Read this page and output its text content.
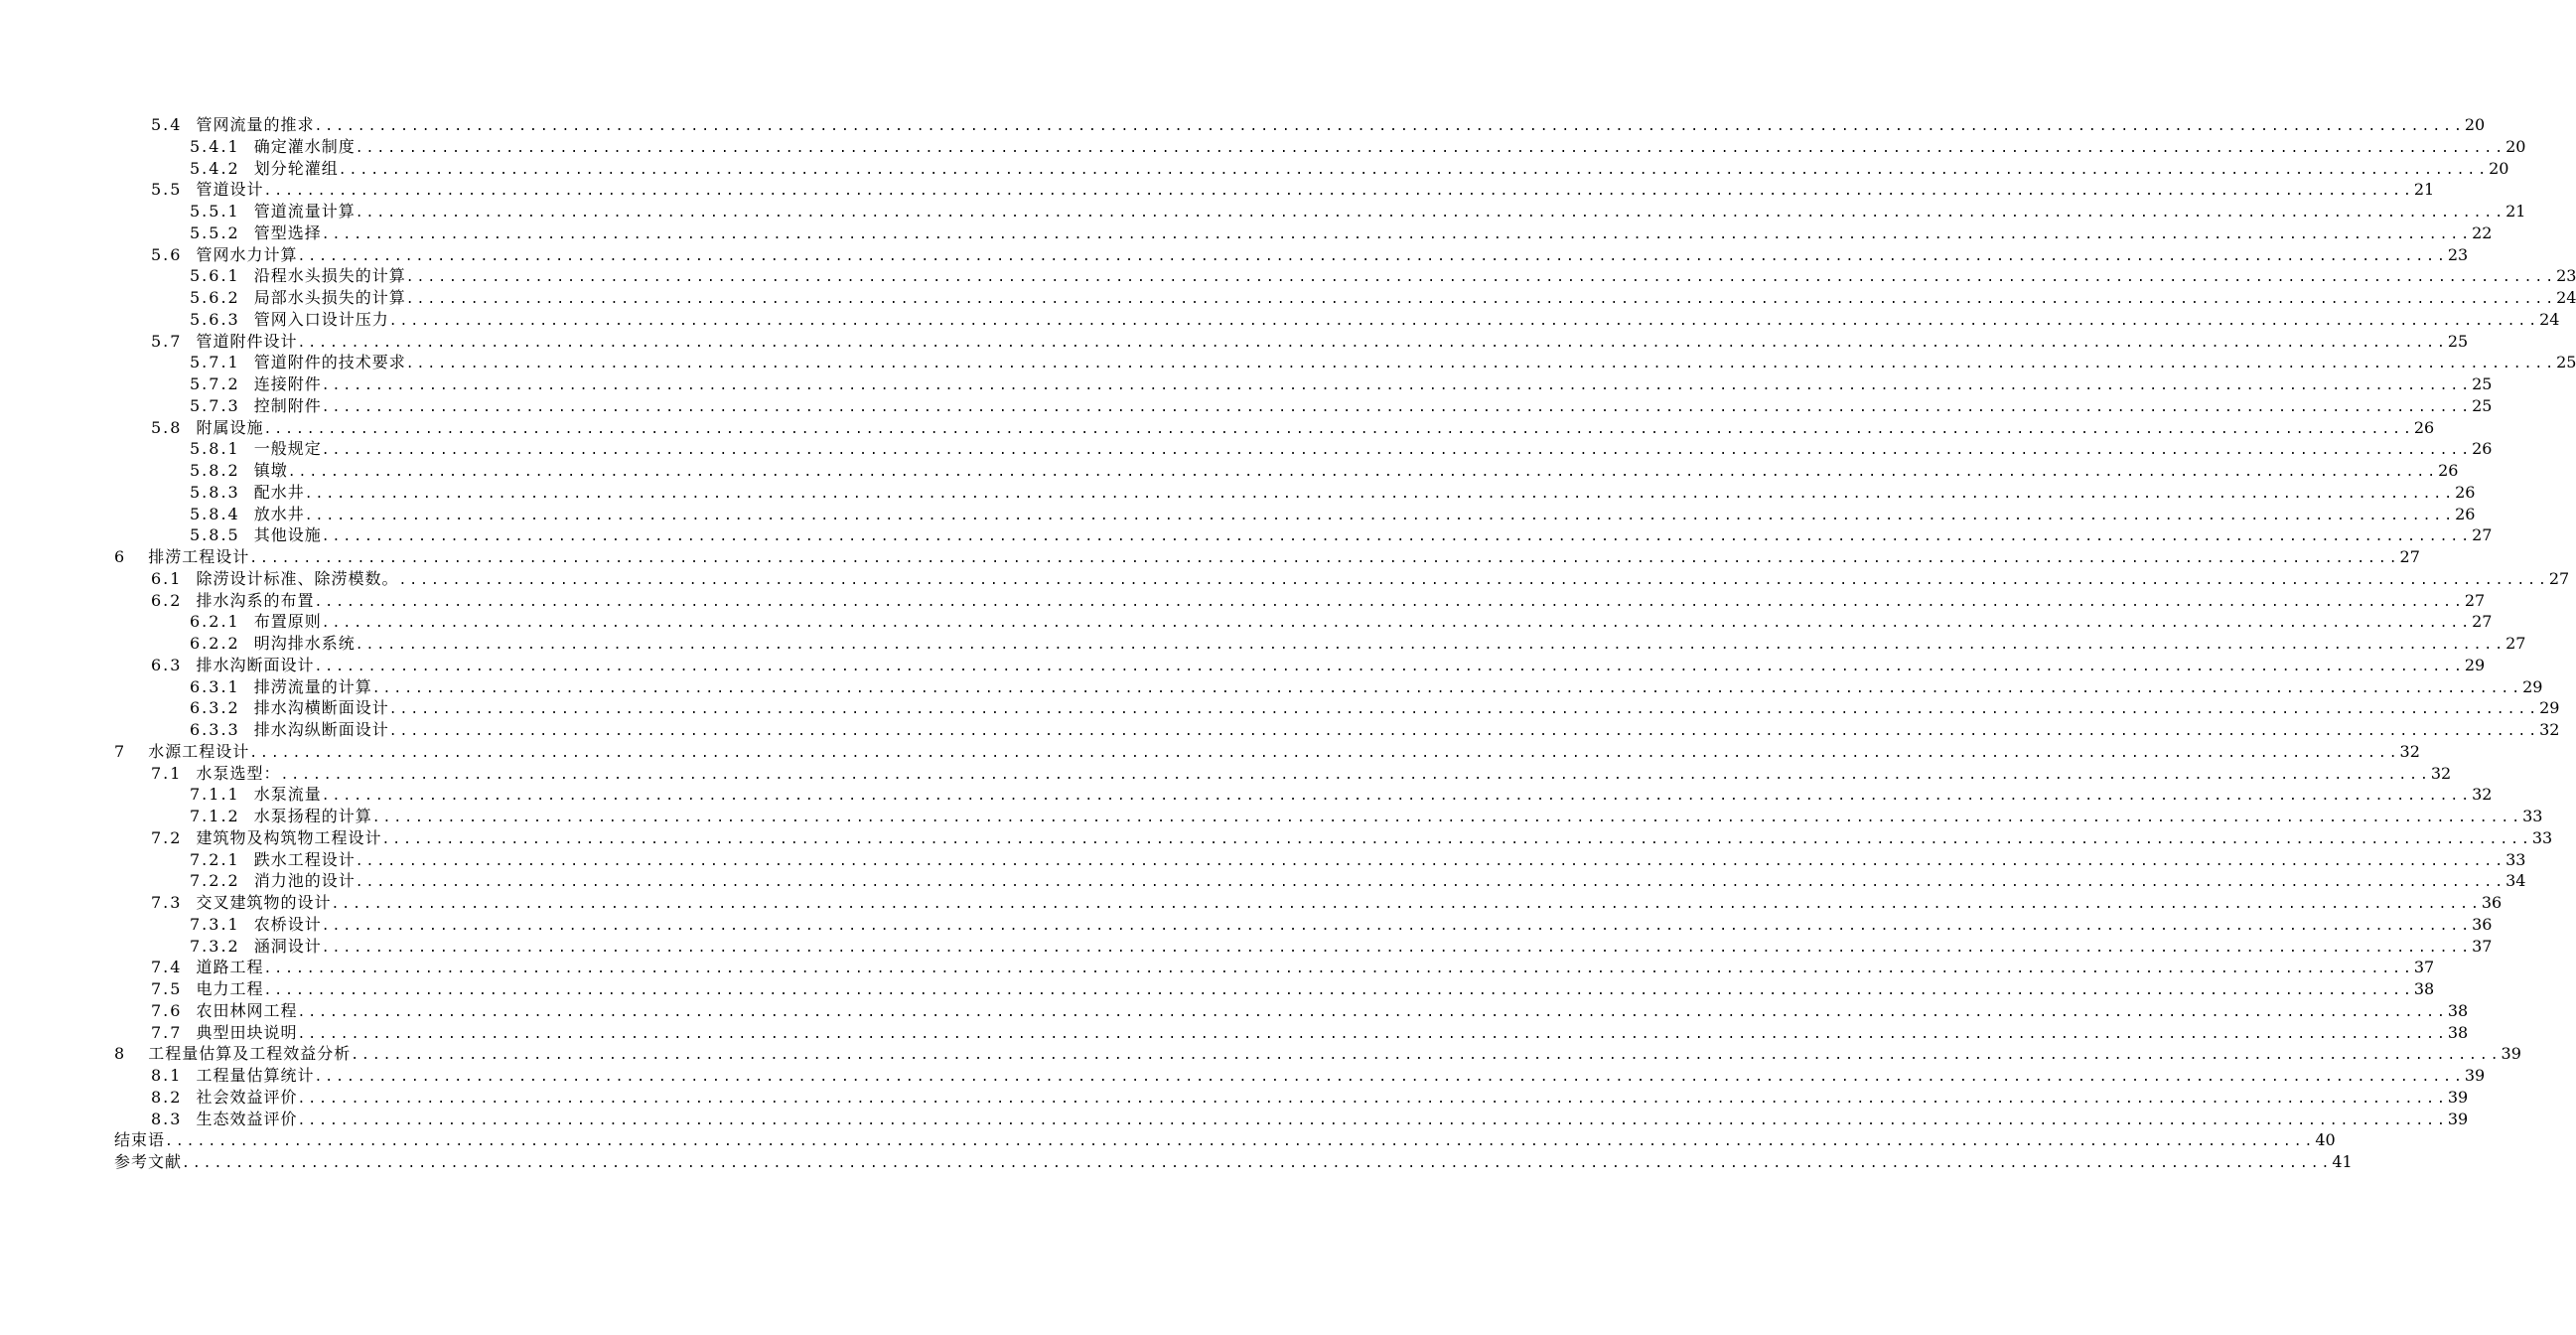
5.4 管网流量的推求 ........................................................................................................................................................................................................ 20
5.4.1 确定灌水制度 ........................................................................................................................................................................................................ 20
5.4.2 划分轮灌组 ........................................................................................................................................................................................................ 20
5.5 管道设计 ........................................................................................................................................................................................................ 21
5.5.1 管道流量计算 ........................................................................................................................................................................................................ 21
5.5.2 管型选择 ........................................................................................................................................................................................................ 22
5.6 管网水力计算 ........................................................................................................................................................................................................ 23
5.6.1 沿程水头损失的计算 ........................................................................................................................................................................................................ 23
5.6.2 局部水头损失的计算 ........................................................................................................................................................................................................ 24
5.6.3 管网入口设计压力 ........................................................................................................................................................................................................ 24
5.7 管道附件设计 ........................................................................................................................................................................................................ 25
5.7.1 管道附件的技术要求 ........................................................................................................................................................................................................ 25
5.7.2 连接附件 ........................................................................................................................................................................................................ 25
5.7.3 控制附件 ........................................................................................................................................................................................................ 25
5.8 附属设施 ........................................................................................................................................................................................................ 26
5.8.1 一般规定 ........................................................................................................................................................................................................ 26
5.8.2 镇墩 ........................................................................................................................................................................................................ 26
5.8.3 配水井 ........................................................................................................................................................................................................ 26
5.8.4 放水井 ........................................................................................................................................................................................................ 26
5.8.5 其他设施 ........................................................................................................................................................................................................ 27
6 排涝工程设计 ........................................................................................................................................................................................................ 27
6.1 除涝设计标准、除涝模数。 ........................................................................................................................................................................................................ 27
6.2 排水沟系的布置 ........................................................................................................................................................................................................ 27
6.2.1 布置原则 ........................................................................................................................................................................................................ 27
6.2.2 明沟排水系统 ........................................................................................................................................................................................................ 27
6.3 排水沟断面设计 ........................................................................................................................................................................................................ 29
6.3.1 排涝流量的计算 ........................................................................................................................................................................................................ 29
6.3.2 排水沟横断面设计 ........................................................................................................................................................................................................ 29
6.3.3 排水沟纵断面设计 ........................................................................................................................................................................................................ 32
7 水源工程设计 ........................................................................................................................................................................................................ 32
7.1 水泵选型： ........................................................................................................................................................................................................ 32
7.1.1 水泵流量 ........................................................................................................................................................................................................ 32
7.1.2 水泵扬程的计算 ........................................................................................................................................................................................................ 33
7.2 建筑物及构筑物工程设计 ........................................................................................................................................................................................................ 33
7.2.1 跌水工程设计 ........................................................................................................................................................................................................ 33
7.2.2 消力池的设计 ........................................................................................................................................................................................................ 34
7.3 交叉建筑物的设计 ........................................................................................................................................................................................................ 36
7.3.1 农桥设计 ........................................................................................................................................................................................................ 36
7.3.2 涵洞设计 ........................................................................................................................................................................................................ 37
7.4 道路工程 ........................................................................................................................................................................................................ 37
7.5 电力工程 ........................................................................................................................................................................................................ 38
7.6 农田林网工程 ........................................................................................................................................................................................................ 38
7.7 典型田块说明 ........................................................................................................................................................................................................ 38
8 工程量估算及工程效益分析 ........................................................................................................................................................................................................ 39
8.1 工程量估算统计 ........................................................................................................................................................................................................ 39
8.2 社会效益评价 ........................................................................................................................................................................................................ 39
8.3 生态效益评价 ........................................................................................................................................................................................................ 39
结束语 ........................................................................................................................................................................................................ 40
参考文献 ........................................................................................................................................................................................................ 41
